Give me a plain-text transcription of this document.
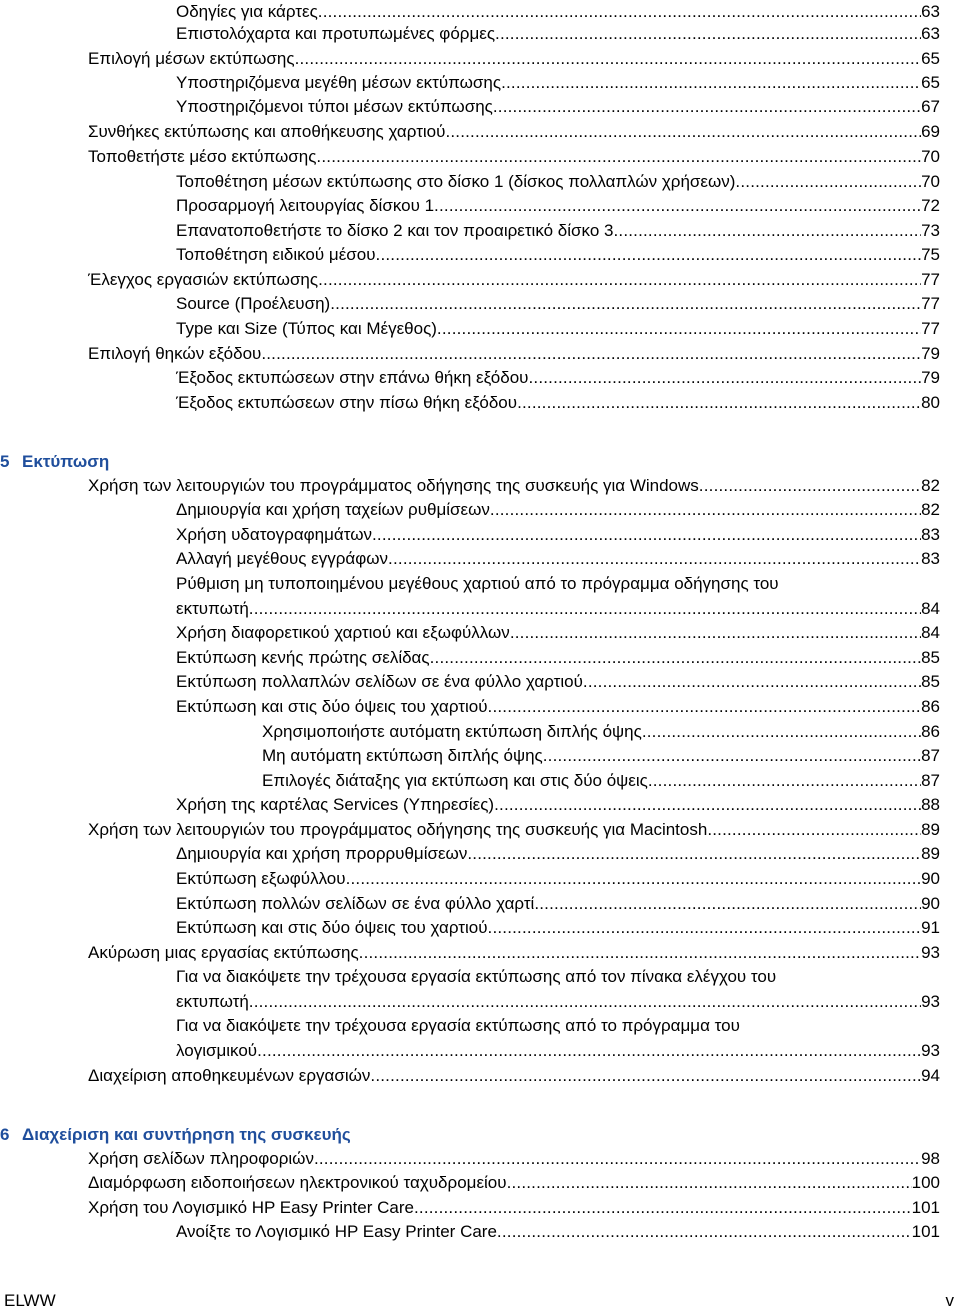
Οδηγίες για κάρτες .....	63
Επιστολόχαρτα και προτυπωμένες φόρμες .....	63
Επιλογή μέσων εκτύπωσης .....	65
Υποστηριζόμενα μεγέθη μέσων εκτύπωσης .....	65
Υποστηριζόμενοι τύποι μέσων εκτύπωσης .....	67
Συνθήκες εκτύπωσης και αποθήκευσης χαρτιού .....	69
Τοποθετήστε μέσο εκτύπωσης .....	70
Τοποθέτηση μέσων εκτύπωσης στο δίσκο 1 (δίσκος πολλαπλών χρήσεων) .....	70
Προσαρμογή λειτουργίας δίσκου 1 .....	72
Επανατοποθετήστε το δίσκο 2 και τον προαιρετικό δίσκο 3 .....	73
Τοποθέτηση ειδικού μέσου .....	75
Έλεγχος εργασιών εκτύπωσης .....	77
Source (Προέλευση) .....	77
Type και Size (Τύπος και Μέγεθος) .....	77
Επιλογή θηκών εξόδου .....	79
Έξοδος εκτυπώσεων στην επάνω θήκη εξόδου .....	79
Έξοδος εκτυπώσεων στην πίσω θήκη εξόδου .....	80
5 Εκτύπωση
Χρήση των λειτουργιών του προγράμματος οδήγησης της συσκευής για Windows .....	82
Δημιουργία και χρήση ταχείων ρυθμίσεων .....	82
Χρήση υδατογραφημάτων .....	83
Αλλαγή μεγέθους εγγράφων .....	83
Ρύθμιση μη τυποποιημένου μεγέθους χαρτιού από το πρόγραμμα οδήγησης του
εκτυπωτή .....	84
Χρήση διαφορετικού χαρτιού και εξωφύλλων .....	84
Εκτύπωση κενής πρώτης σελίδας .....	85
Εκτύπωση πολλαπλών σελίδων σε ένα φύλλο χαρτιού .....	85
Εκτύπωση και στις δύο όψεις του χαρτιού .....	86
Χρησιμοποιήστε αυτόματη εκτύπωση διπλής όψης .....	86
Μη αυτόματη εκτύπωση διπλής όψης .....	87
Επιλογές διάταξης για εκτύπωση και στις δύο όψεις .....	87
Χρήση της καρτέλας Services (Υπηρεσίες) .....	88
Χρήση των λειτουργιών του προγράμματος οδήγησης της συσκευής για Macintosh .....	89
Δημιουργία και χρήση προρρυθμίσεων .....	89
Εκτύπωση εξωφύλλου .....	90
Εκτύπωση πολλών σελίδων σε ένα φύλλο χαρτί .....	90
Εκτύπωση και στις δύο όψεις του χαρτιού .....	91
Ακύρωση μιας εργασίας εκτύπωσης .....	93
Για να διακόψετε την τρέχουσα εργασία εκτύπωσης από τον πίνακα ελέγχου του
εκτυπωτή .....	93
Για να διακόψετε την τρέχουσα εργασία εκτύπωσης από το πρόγραμμα του
λογισμικού .....	93
Διαχείριση αποθηκευμένων εργασιών .....	94
6 Διαχείριση και συντήρηση της συσκευής
Χρήση σελίδων πληροφοριών .....	98
Διαμόρφωση ειδοποιήσεων ηλεκτρονικού ταχυδρομείου .....	100
Χρήση του Λογισμικό HP Easy Printer Care .....	101
Ανοίξτε το Λογισμικό HP Easy Printer Care .....	101
ELWW	v
